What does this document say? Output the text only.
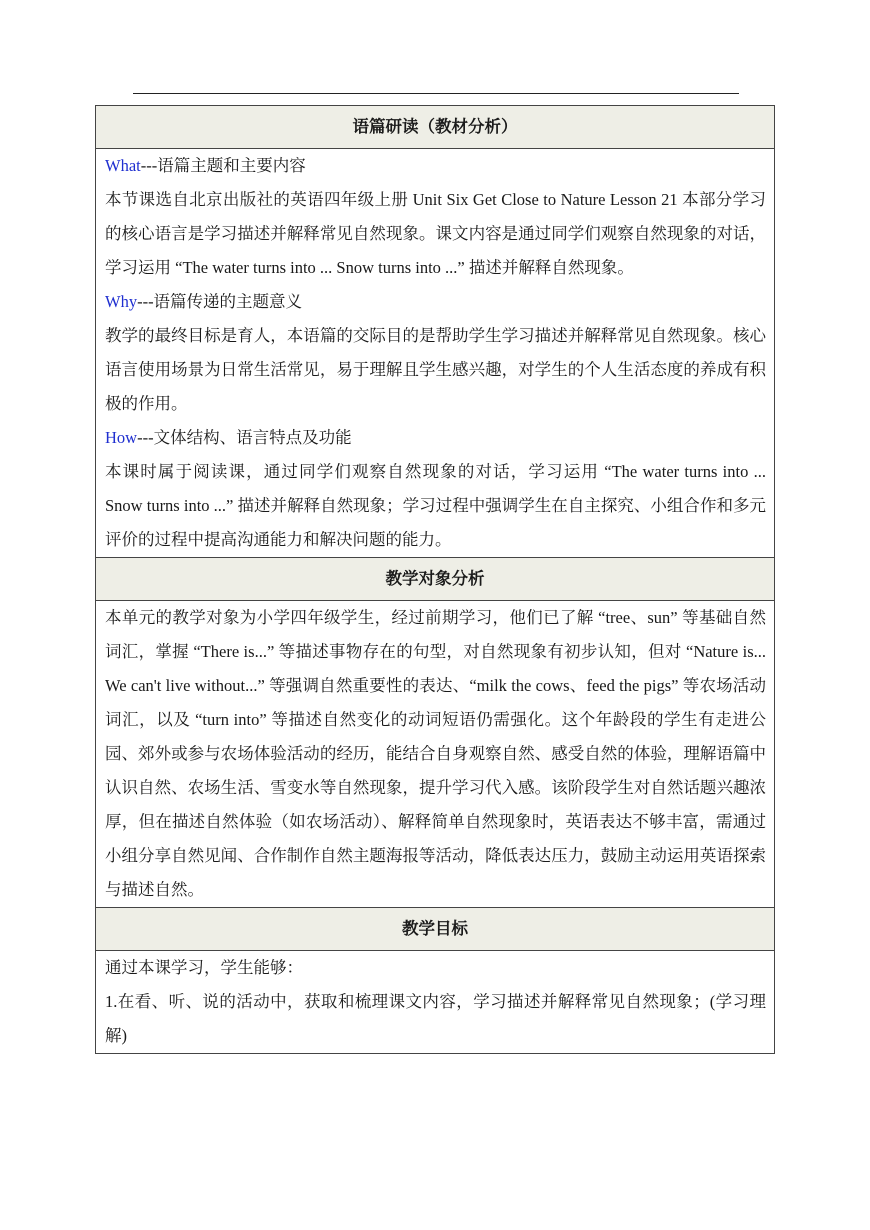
语篇研读（教材分析）

What---语篇主题和主要内容

本节课选自北京出版社的英语四年级上册 Unit Six Get Close to Nature Lesson 21 本部分学习的核心语言是学习描述并解释常见自然现象。课文内容是通过同学们观察自然现象的对话，学习运用 “The water turns into ... Snow turns into ...” 描述并解释自然现象。

Why---语篇传递的主题意义

教学的最终目标是育人，本语篇的交际目的是帮助学生学习描述并解释常见自然现象。核心语言使用场景为日常生活常见，易于理解且学生感兴趣，对学生的个人生活态度的养成有积极的作用。

How---文体结构、语言特点及功能

本课时属于阅读课，通过同学们观察自然现象的对话，学习运用 “The water turns into ... Snow turns into ...” 描述并解释自然现象；学习过程中强调学生在自主探究、小组合作和多元评价的过程中提高沟通能力和解决问题的能力。

教学对象分析

本单元的教学对象为小学四年级学生，经过前期学习，他们已了解 “tree、sun” 等基础自然词汇，掌握 “There is...” 等描述事物存在的句型，对自然现象有初步认知，但对 “Nature is... We can't live without...” 等强调自然重要性的表达、“milk the cows、feed the pigs” 等农场活动词汇，以及 “turn into” 等描述自然变化的动词短语仍需强化。这个年龄段的学生有走进公园、郊外或参与农场体验活动的经历，能结合自身观察自然、感受自然的体验，理解语篇中认识自然、农场生活、雪变水等自然现象，提升学习代入感。该阶段学生对自然话题兴趣浓厚，但在描述自然体验（如农场活动）、解释简单自然现象时，英语表达不够丰富，需通过小组分享自然见闻、合作制作自然主题海报等活动，降低表达压力，鼓励主动运用英语探索与描述自然。

教学目标

通过本课学习，学生能够：

1.在看、听、说的活动中，获取和梳理课文内容，学习描述并解释常见自然现象；(学习理解)
